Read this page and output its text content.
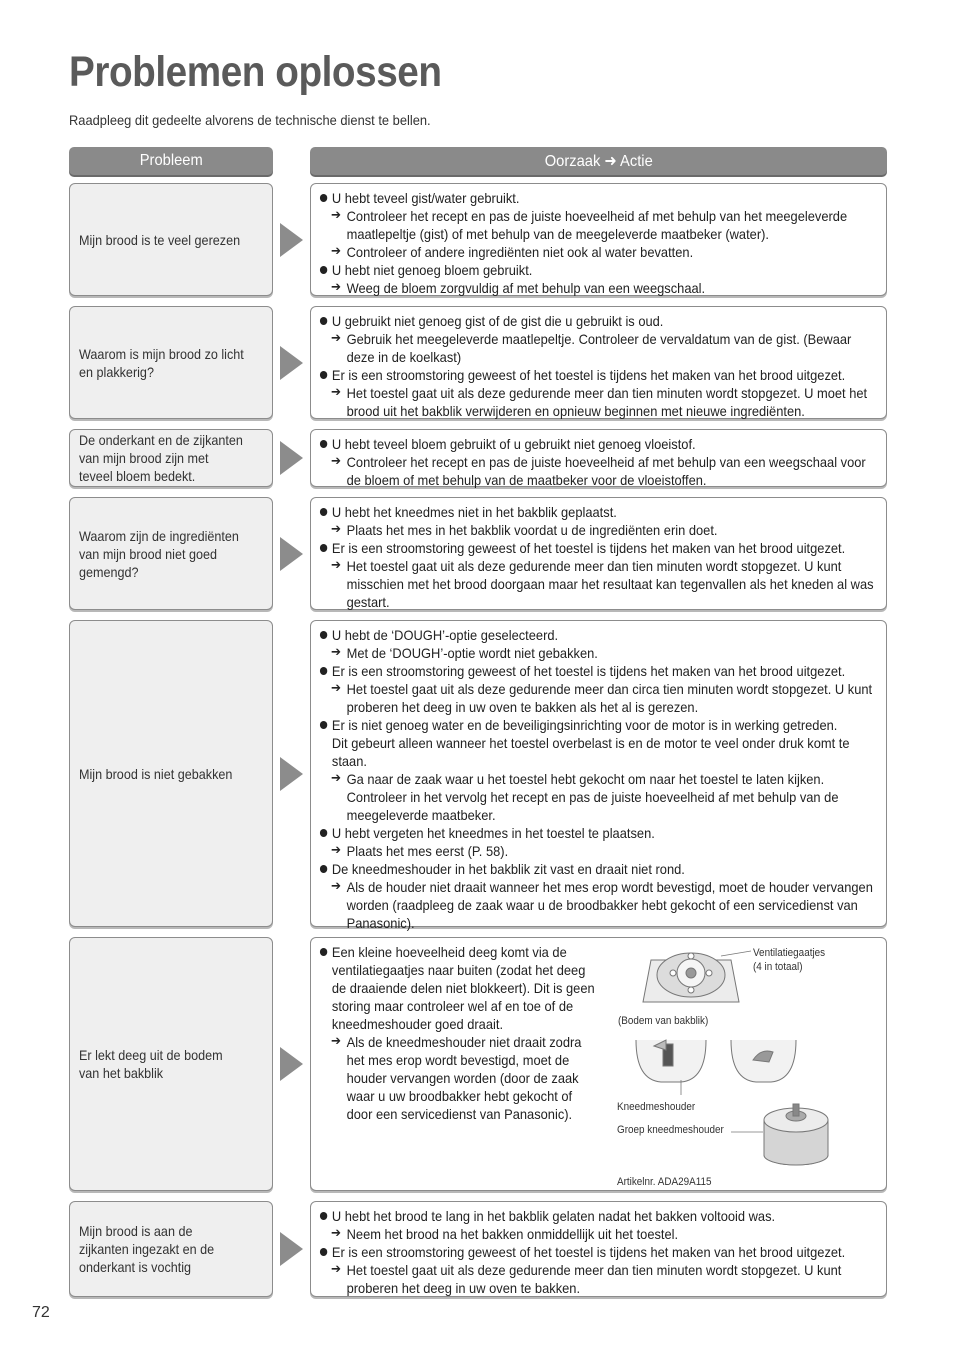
Problemen oplossen
Raadpleeg dit gedeelte alvorens de technische dienst te bellen.
Probleem	Oorzaak ➜ Actie
Mijn brood is te veel gerezen
U hebt teveel gist/water gebruikt.
➔ Controleer het recept en pas de juiste hoeveelheid af met behulp van het meegeleverde maatlepeltje (gist) of met behulp van de meegeleverde maatbeker (water).
➔ Controleer of andere ingrediënten niet ook al water bevatten.
U hebt niet genoeg bloem gebruikt.
➔ Weeg de bloem zorgvuldig af met behulp van een weegschaal.
Waarom is mijn brood zo licht en plakkerig?
U gebruikt niet genoeg gist of de gist die u gebruikt is oud.
➔ Gebruik het meegeleverde maatlepeltje. Controleer de vervaldatum van de gist. (Bewaar deze in de koelkast)
Er is een stroomstoring geweest of het toestel is tijdens het maken van het brood uitgezet.
➔ Het toestel gaat uit als deze gedurende meer dan tien minuten wordt stopgezet. U moet het brood uit het bakblik verwijderen en opnieuw beginnen met nieuwe ingrediënten.
De onderkant en de zijkanten van mijn brood zijn met teveel bloem bedekt.
U hebt teveel bloem gebruikt of u gebruikt niet genoeg vloeistof.
➔ Controleer het recept en pas de juiste hoeveelheid af met behulp van een weegschaal voor de bloem of met behulp van de maatbeker voor de vloeistoffen.
Waarom zijn de ingrediënten van mijn brood niet goed gemengd?
U hebt het kneedmes niet in het bakblik geplaatst.
➔ Plaats het mes in het bakblik voordat u de ingrediënten erin doet.
Er is een stroomstoring geweest of het toestel is tijdens het maken van het brood uitgezet.
➔ Het toestel gaat uit als deze gedurende meer dan tien minuten wordt stopgezet. U kunt misschien met het brood doorgaan maar het resultaat kan tegenvallen als het kneden al was gestart.
Mijn brood is niet gebakken
U hebt de ‘DOUGH’-optie geselecteerd.
➔ Met de ‘DOUGH’-optie wordt niet gebakken.
Er is een stroomstoring geweest of het toestel is tijdens het maken van het brood uitgezet.
➔ Het toestel gaat uit als deze gedurende meer dan circa tien minuten wordt stopgezet. U kunt proberen het deeg in uw oven te bakken als het al is gerezen.
Er is niet genoeg water en de beveiligingsinrichting voor de motor is in werking getreden.
Dit gebeurt alleen wanneer het toestel overbelast is en de motor te veel onder druk komt te staan.
➔ Ga naar de zaak waar u het toestel hebt gekocht om naar het toestel te laten kijken. Controleer in het vervolg het recept en pas de juiste hoeveelheid af met behulp van de meegeleverde maatbeker.
U hebt vergeten het kneedmes in het toestel te plaatsen.
➔ Plaats het mes eerst (P. 58).
De kneedmeshouder in het bakblik zit vast en draait niet rond.
➔ Als de houder niet draait wanneer het mes erop wordt bevestigd, moet de houder vervangen worden (raadpleeg de zaak waar u de broodbakker hebt gekocht of een servicedienst van Panasonic).
Er lekt deeg uit de bodem van het bakblik
Een kleine hoeveelheid deeg komt via de ventilatiegaatjes naar buiten (zodat het deeg de draaiende delen niet blokkeert). Dit is geen storing maar controleer wel af en toe of de kneedmeshouder goed draait.
➔ Als de kneedmeshouder niet draait zodra het mes erop wordt bevestigd, moet de houder vervangen worden (door de zaak waar u uw broodbakker hebt gekocht of door een servicedienst van Panasonic).
Ventilatiegaatjes
(4 in totaal)
(Bodem van bakblik)
Kneedmeshouder
Groep kneedmeshouder
Artikelnr. ADA29A115
Mijn brood is aan de zijkanten ingezakt en de onderkant is vochtig
U hebt het brood te lang in het bakblik gelaten nadat het bakken voltooid was.
➔ Neem het brood na het bakken onmiddellijk uit het toestel.
Er is een stroomstoring geweest of het toestel is tijdens het maken van het brood uitgezet.
➔ Het toestel gaat uit als deze gedurende meer dan tien minuten wordt stopgezet. U kunt proberen het deeg in uw oven te bakken.
72
